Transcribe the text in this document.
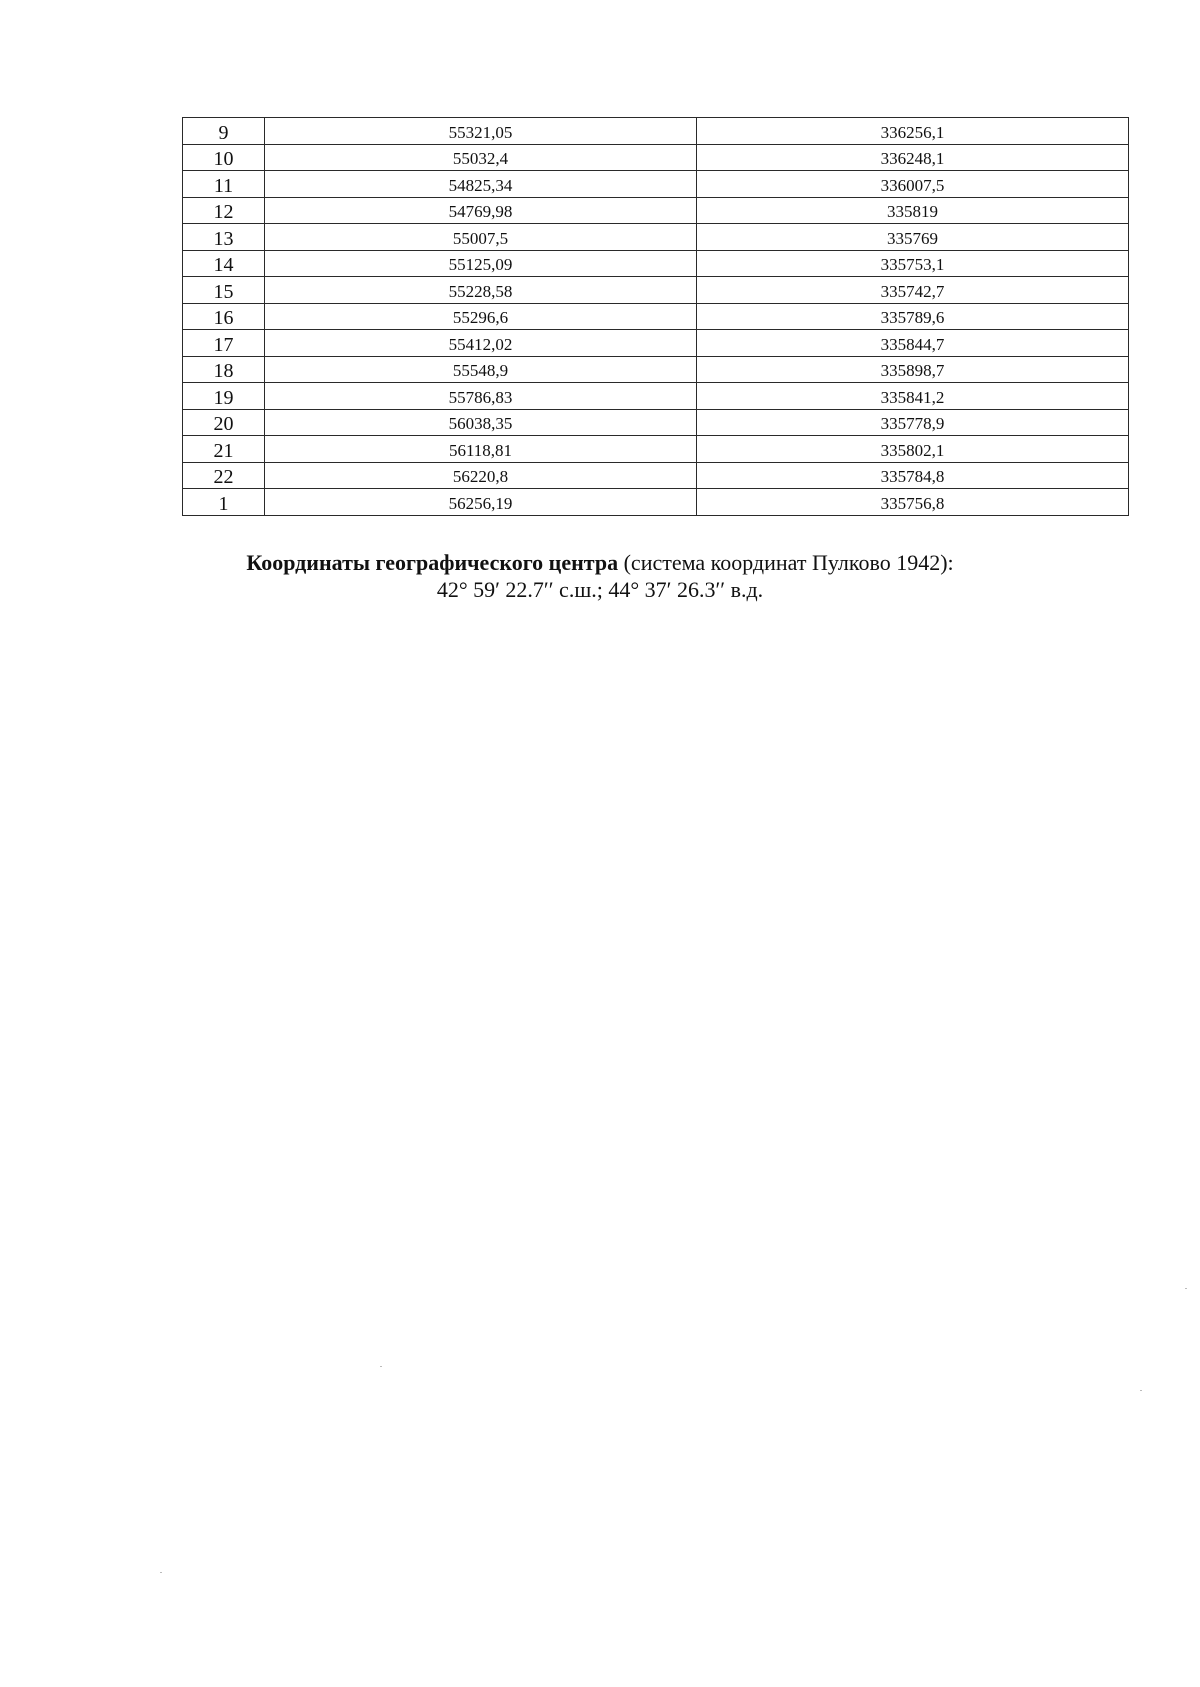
9	55321,05	336256,1
10	55032,4	336248,1
11	54825,34	336007,5
12	54769,98	335819
13	55007,5	335769
14	55125,09	335753,1
15	55228,58	335742,7
16	55296,6	335789,6
17	55412,02	335844,7
18	55548,9	335898,7
19	55786,83	335841,2
20	56038,35	335778,9
21	56118,81	335802,1
22	56220,8	335784,8
1	56256,19	335756,8
Координаты географического центра (система координат Пулково 1942):
42° 59′ 22.7′′ с.ш.; 44° 37′ 26.3′′ в.д.
